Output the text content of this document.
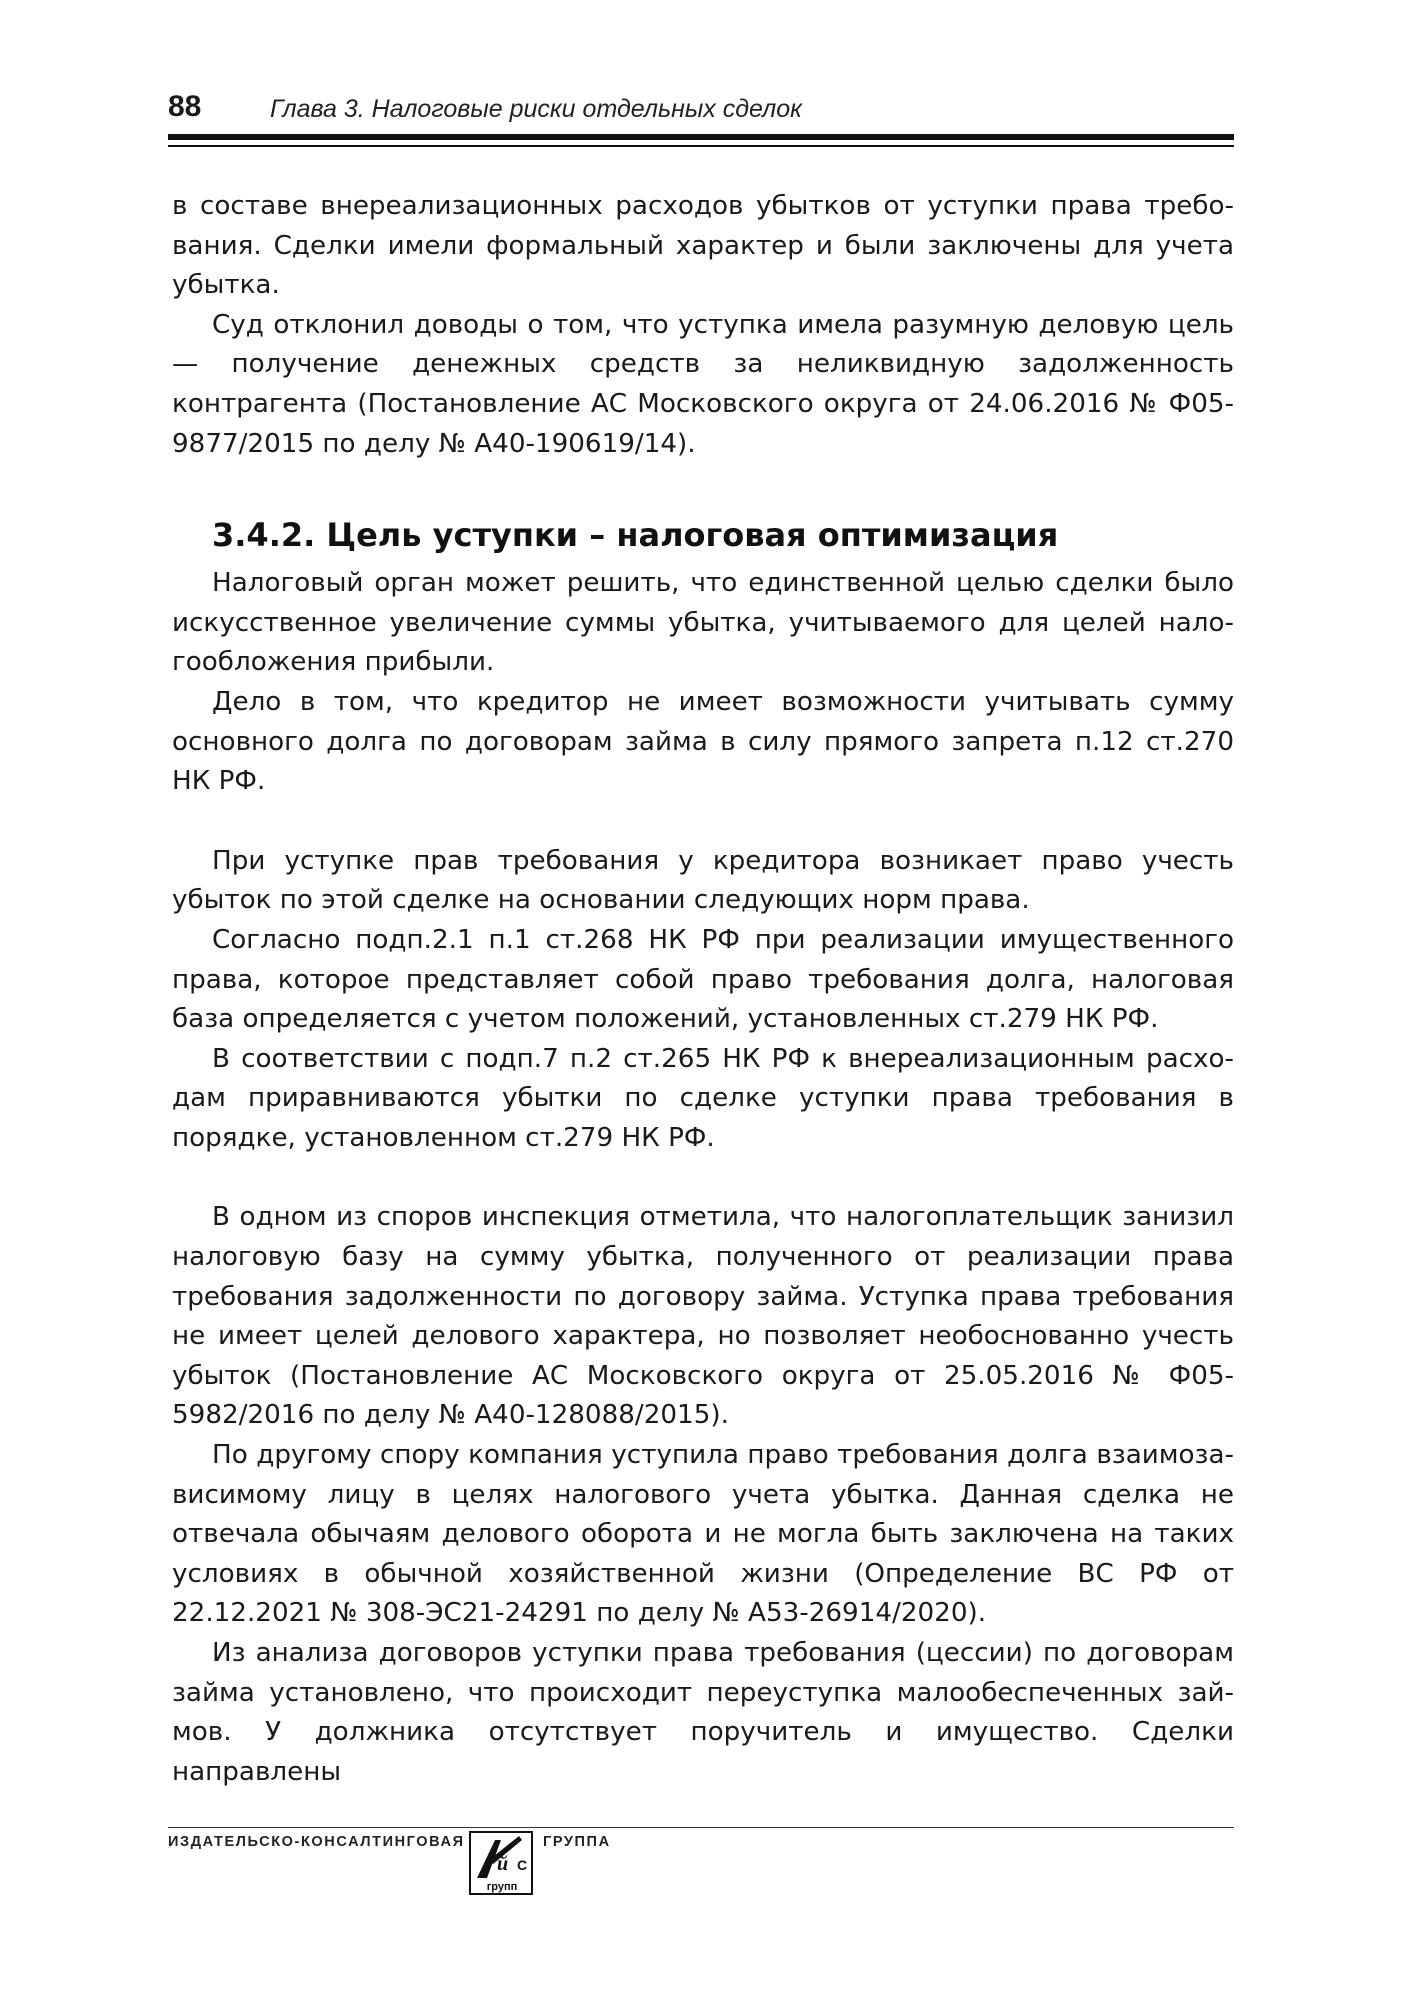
88	Глава 3. Налоговые риски отдельных сделок

в составе внереализационных расходов убытков от уступки права требования. Сделки имели формальный характер и были заключены для учета убытка.

Суд отклонил доводы о том, что уступка имела разумную деловую цель — получение денежных средств за неликвидную задолженность контрагента (Постановление АС Московского округа от 24.06.2016 № Ф05-9877/2015 по делу № А40-190619/14).

3.4.2. Цель уступки – налоговая оптимизация

Налоговый орган может решить, что единственной целью сделки было искусственное увеличение суммы убытка, учитываемого для целей налогообложения прибыли.

Дело в том, что кредитор не имеет возможности учитывать сумму основного долга по договорам займа в силу прямого запрета п.12 ст.270 НК РФ.

При уступке прав требования у кредитора возникает право учесть убыток по этой сделке на основании следующих норм права.

Согласно подп.2.1 п.1 ст.268 НК РФ при реализации имущественного права, которое представляет собой право требования долга, налоговая база определяется с учетом положений, установленных ст.279 НК РФ.

В соответствии с подп.7 п.2 ст.265 НК РФ к внереализационным расходам приравниваются убытки по сделке уступки права требования в порядке, установленном ст.279 НК РФ.

В одном из споров инспекция отметила, что налогоплательщик занизил налоговую базу на сумму убытка, полученного от реализации права требования задолженности по договору займа. Уступка права требования не имеет целей делового характера, но позволяет необоснованно учесть убыток (Постановление АС Московского округа от 25.05.2016 № Ф05-5982/2016 по делу № А40-128088/2015).

По другому спору компания уступила право требования долга взаимозависимому лицу в целях налогового учета убытка. Данная сделка не отвечала обычаям делового оборота и не могла быть заключена на таких условиях в обычной хозяйственной жизни (Определение ВС РФ от 22.12.2021 № 308-ЭС21-24291 по делу № А53-26914/2020).

Из анализа договоров уступки права требования (цессии) по договорам займа установлено, что происходит переуступка малообеспеченных займов. У должника отсутствует поручитель и имущество. Сделки направлены

ИЗДАТЕЛЬСКО-КОНСАЛТИНГОВАЯ	ГРУППА
й С
групп
